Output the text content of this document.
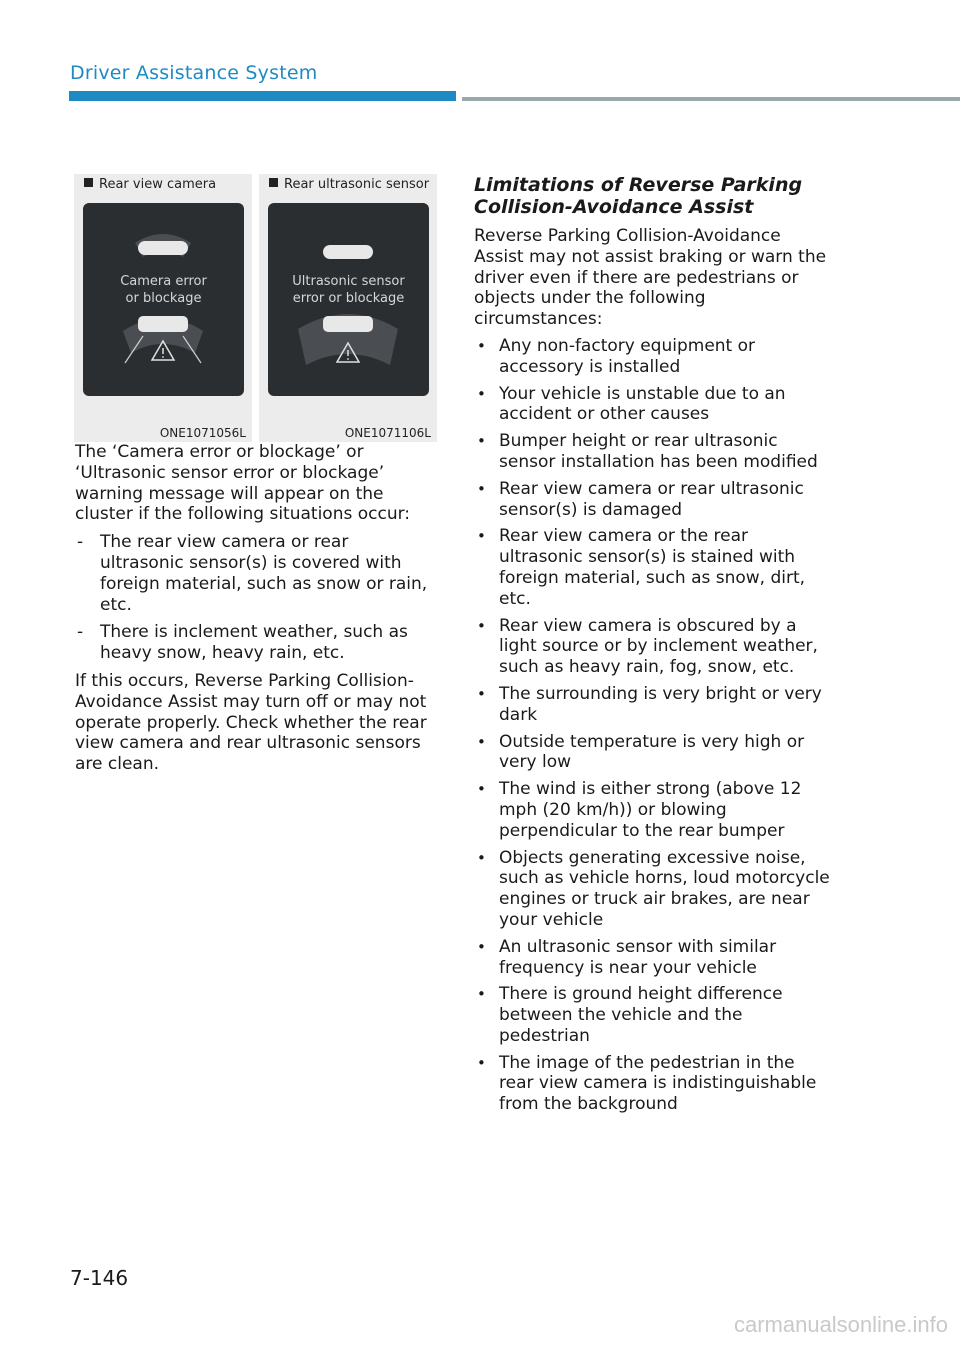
Driver Assistance System
Rear view camera
Camera error
or blockage
ONE1071056L
Rear ultrasonic sensor
Ultrasonic sensor
error or blockage
ONE1071106L

The ‘Camera error or blockage’ or ‘Ultrasonic sensor error or blockage’ warning message will appear on the cluster if the following situations occur:

- The rear view camera or rear ultrasonic sensor(s) is covered with foreign material, such as snow or rain, etc.
- There is inclement weather, such as heavy snow, heavy rain, etc.

If this occurs, Reverse Parking Collision-Avoidance Assist may turn off or may not operate properly. Check whether the rear view camera and rear ultrasonic sensors are clean.

Limitations of Reverse Parking Collision-Avoidance Assist

Reverse Parking Collision-Avoidance Assist may not assist braking or warn the driver even if there are pedestrians or objects under the following circumstances:

• Any non-factory equipment or accessory is installed
• Your vehicle is unstable due to an accident or other causes
• Bumper height or rear ultrasonic sensor installation has been modified
• Rear view camera or rear ultrasonic sensor(s) is damaged
• Rear view camera or the rear ultrasonic sensor(s) is stained with foreign material, such as snow, dirt, etc.
• Rear view camera is obscured by a light source or by inclement weather, such as heavy rain, fog, snow, etc.
• The surrounding is very bright or very dark
• Outside temperature is very high or very low
• The wind is either strong (above 12 mph (20 km/h)) or blowing perpendicular to the rear bumper
• Objects generating excessive noise, such as vehicle horns, loud motorcycle engines or truck air brakes, are near your vehicle
• An ultrasonic sensor with similar frequency is near your vehicle
• There is ground height difference between the vehicle and the pedestrian
• The image of the pedestrian in the rear view camera is indistinguishable from the background
7-146
carmanualsonline.info
